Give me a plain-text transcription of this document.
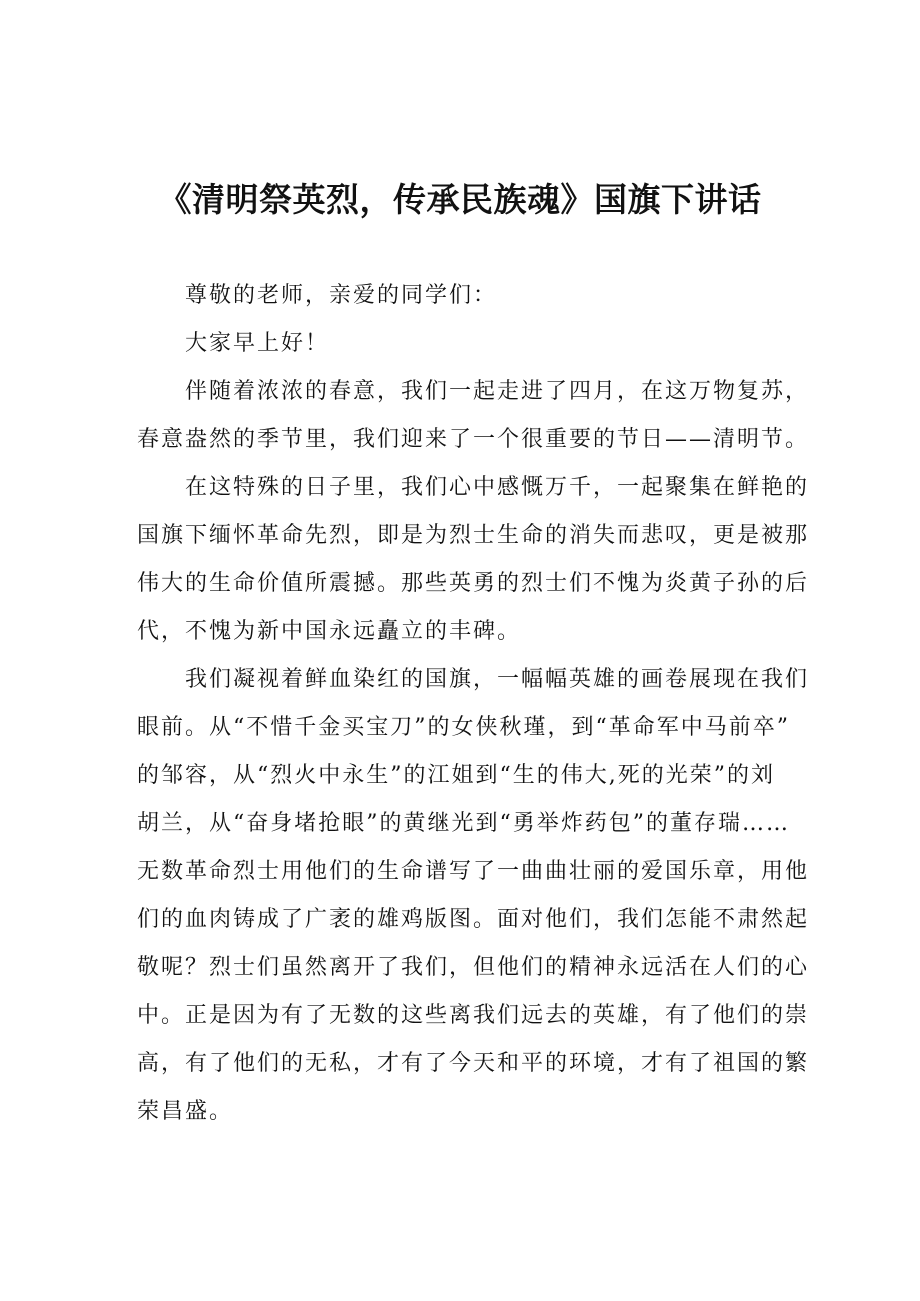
《清明祭英烈，传承民族魂》国旗下讲话
尊敬的老师，亲爱的同学们：
大家早上好！
伴随着浓浓的春意，我们一起走进了四月，在这万物复苏，
春意盎然的季节里，我们迎来了一个很重要的节日——清明节。
在这特殊的日子里，我们心中感慨万千，一起聚集在鲜艳的
国旗下缅怀革命先烈，即是为烈士生命的消失而悲叹，更是被那
伟大的生命价值所震撼。那些英勇的烈士们不愧为炎黄子孙的后
代，不愧为新中国永远矗立的丰碑。
我们凝视着鲜血染红的国旗，一幅幅英雄的画卷展现在我们
眼前。从“不惜千金买宝刀”的女侠秋瑾，到“革命军中马前卒”
的邹容，从“烈火中永生”的江姐到“生的伟大,死的光荣”的刘
胡兰，从“奋身堵抢眼”的黄继光到“勇举炸药包”的董存瑞……
无数革命烈士用他们的生命谱写了一曲曲壮丽的爱国乐章，用他
们的血肉铸成了广袤的雄鸡版图。面对他们，我们怎能不肃然起
敬呢？烈士们虽然离开了我们，但他们的精神永远活在人们的心
中。正是因为有了无数的这些离我们远去的英雄，有了他们的崇
高，有了他们的无私，才有了今天和平的环境，才有了祖国的繁
荣昌盛。
